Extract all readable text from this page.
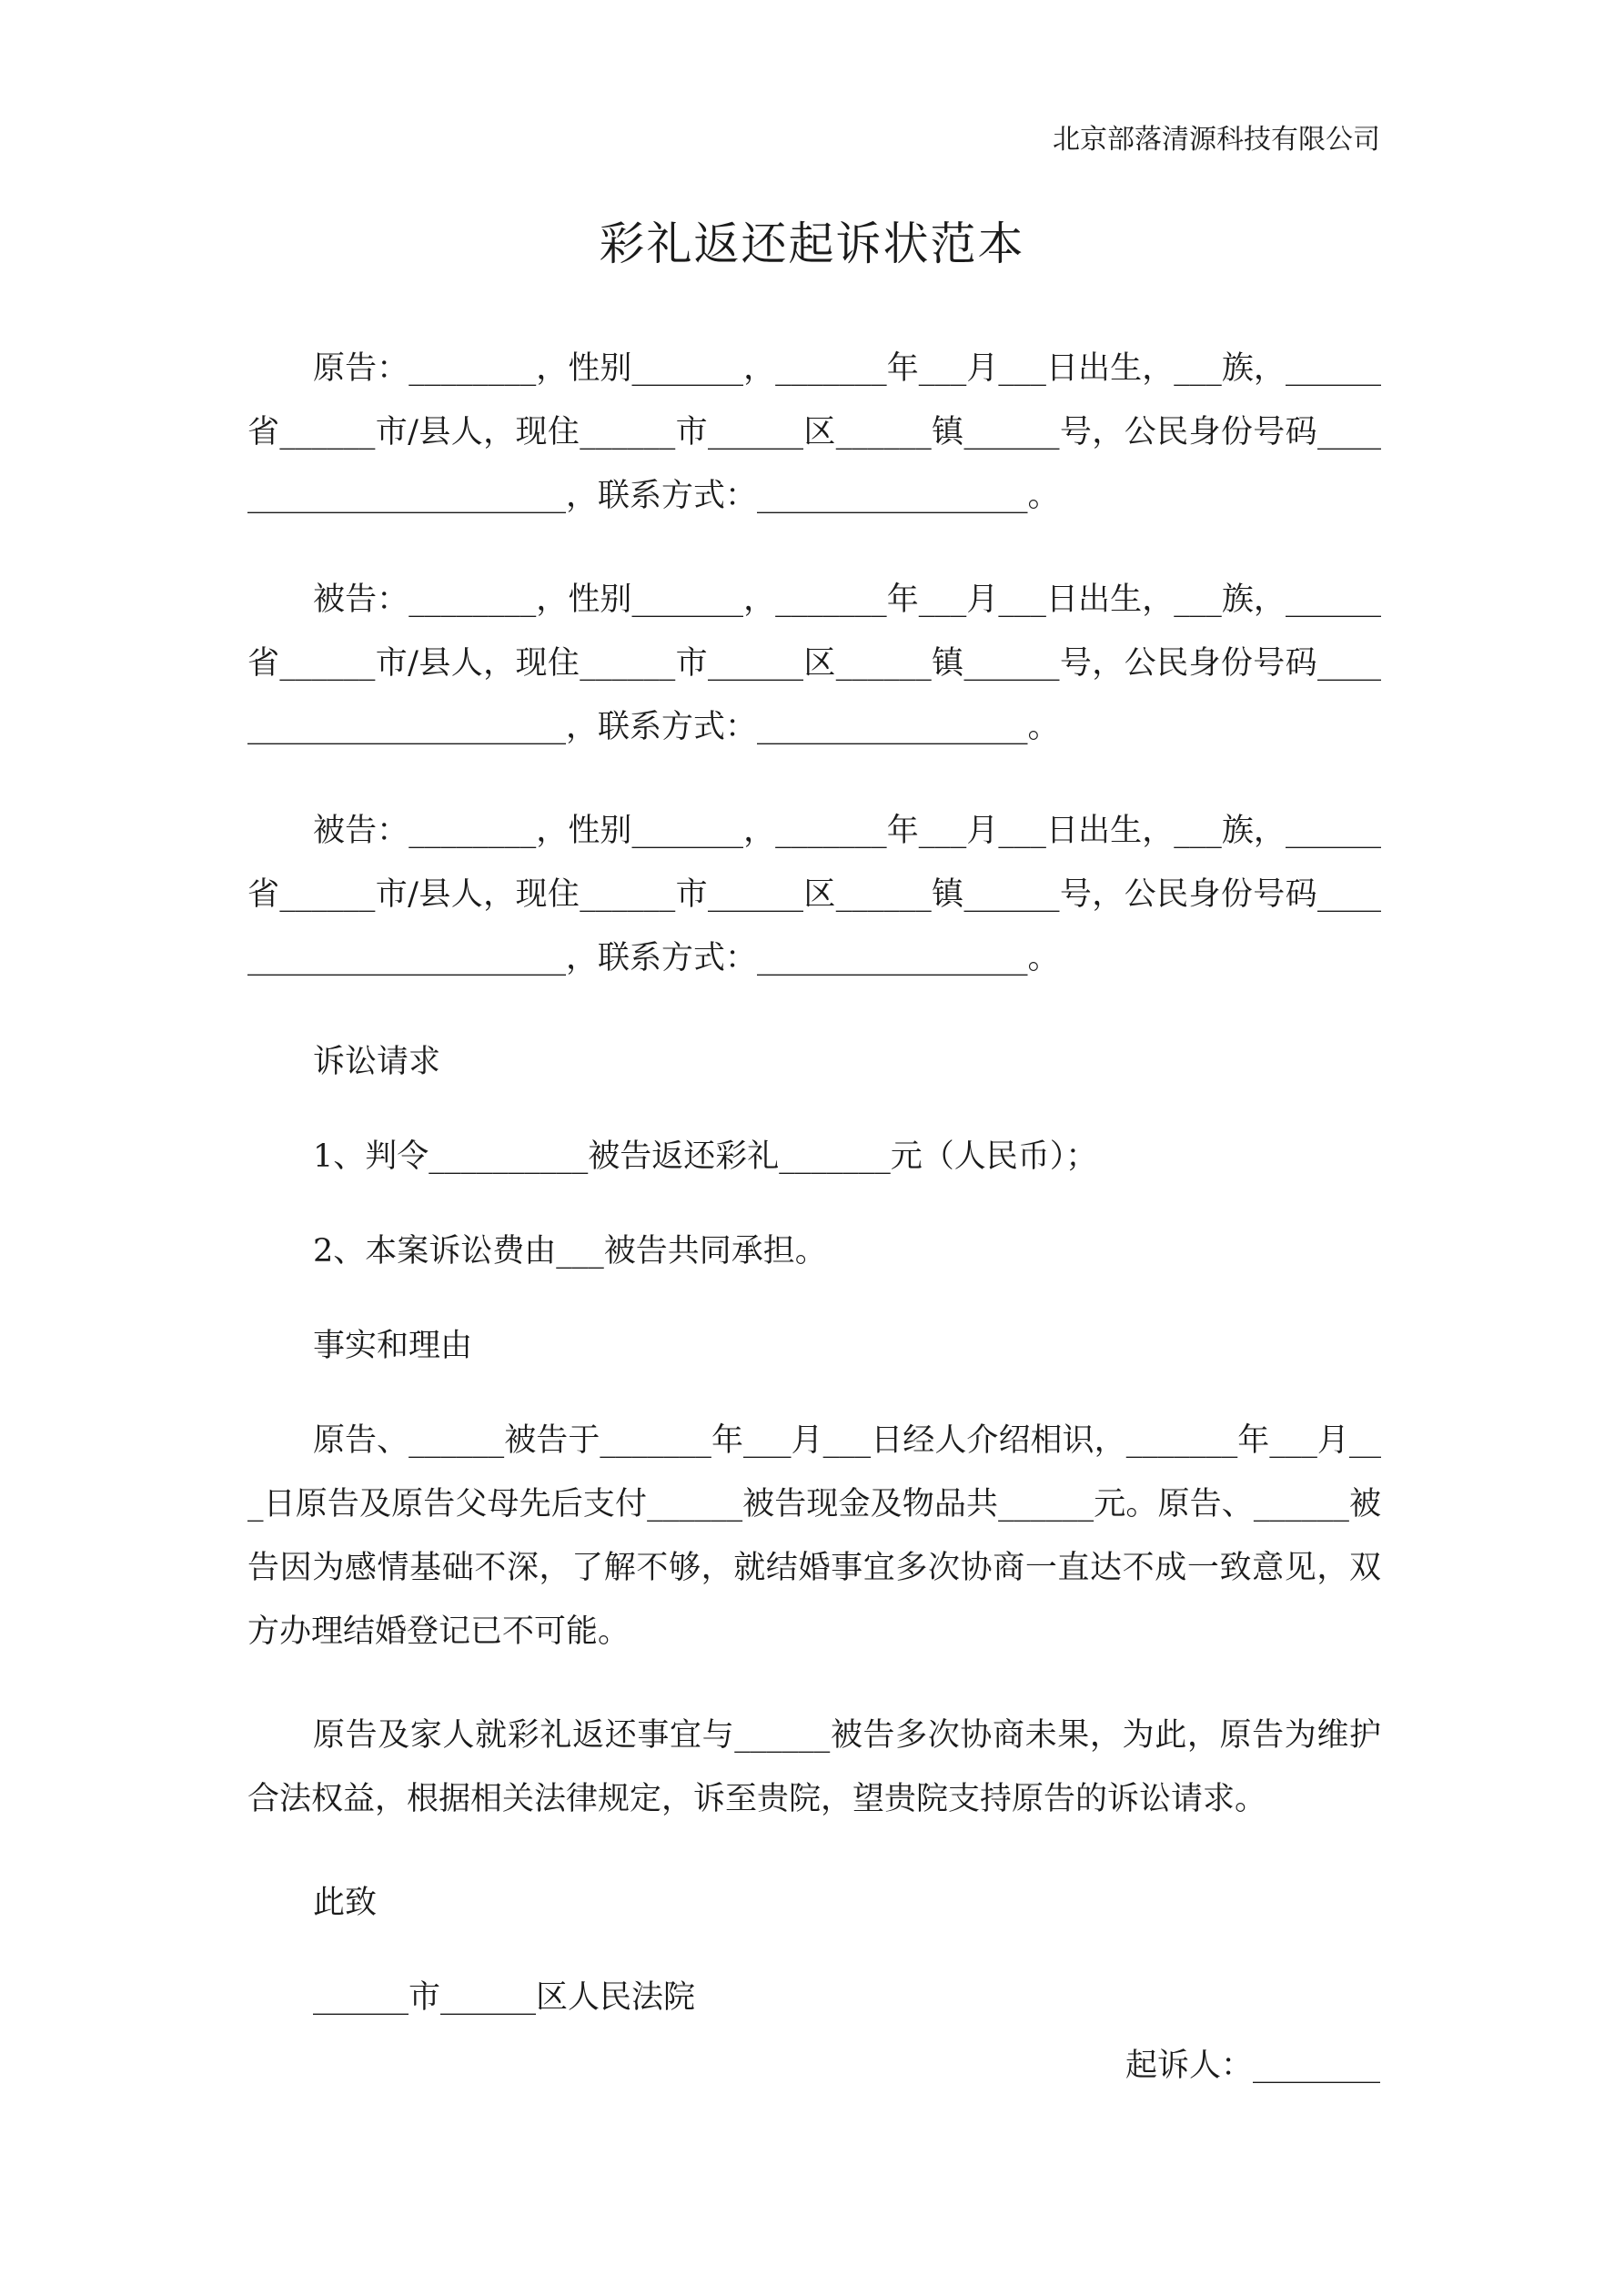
北京部落清源科技有限公司
彩礼返还起诉状范本

原告：________，性别_______，_______年___月___日出生，___族，______省______市/县人，现住______市______区______镇______号，公民身份号码________________________，联系方式：_________________。

被告：________，性别_______，_______年___月___日出生，___族，______省______市/县人，现住______市______区______镇______号，公民身份号码________________________，联系方式：_________________。

被告：________，性别_______，_______年___月___日出生，___族，______省______市/县人，现住______市______区______镇______号，公民身份号码________________________，联系方式：_________________。

诉讼请求

1、判令__________被告返还彩礼_______元（人民币）；

2、本案诉讼费由___被告共同承担。

事实和理由

原告、______被告于_______年___月___日经人介绍相识，_______年___月___日原告及原告父母先后支付______被告现金及物品共______元。原告、______被告因为感情基础不深，了解不够，就结婚事宜多次协商一直达不成一致意见，双方办理结婚登记已不可能。

原告及家人就彩礼返还事宜与______被告多次协商未果，为此，原告为维护合法权益，根据相关法律规定，诉至贵院，望贵院支持原告的诉讼请求。

此致

______市______区人民法院

起诉人：________
